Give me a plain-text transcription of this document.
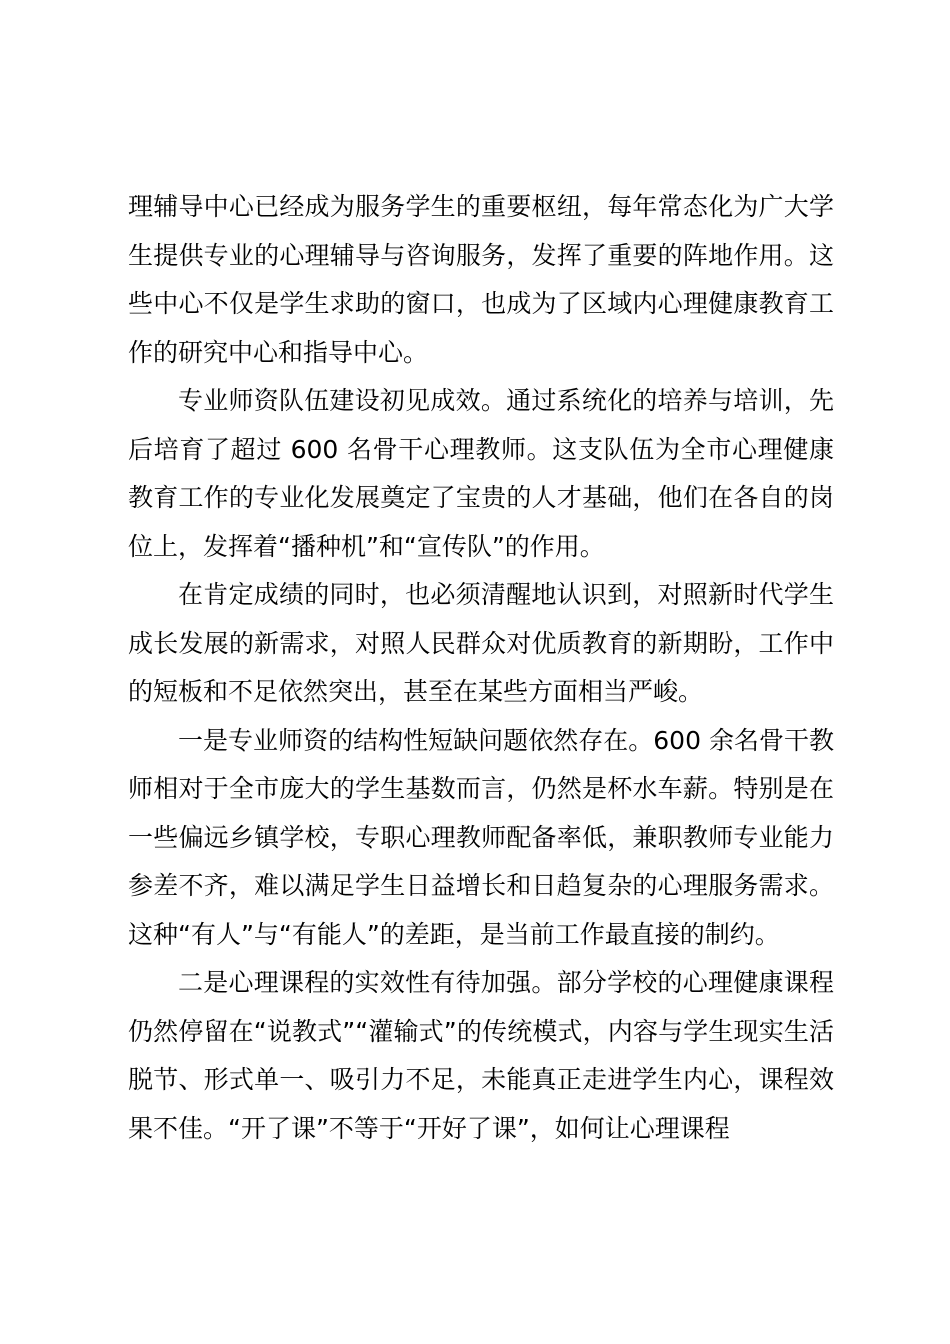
理辅导中心已经成为服务学生的重要枢纽，每年常态化为广大学生提供专业的心理辅导与咨询服务，发挥了重要的阵地作用。这些中心不仅是学生求助的窗口，也成为了区域内心理健康教育工作的研究中心和指导中心。

专业师资队伍建设初见成效。通过系统化的培养与培训，先后培育了超过 600 名骨干心理教师。这支队伍为全市心理健康教育工作的专业化发展奠定了宝贵的人才基础，他们在各自的岗位上，发挥着“播种机”和“宣传队”的作用。

在肯定成绩的同时，也必须清醒地认识到，对照新时代学生成长发展的新需求，对照人民群众对优质教育的新期盼，工作中的短板和不足依然突出，甚至在某些方面相当严峻。

一是专业师资的结构性短缺问题依然存在。600 余名骨干教师相对于全市庞大的学生基数而言，仍然是杯水车薪。特别是在一些偏远乡镇学校，专职心理教师配备率低，兼职教师专业能力参差不齐，难以满足学生日益增长和日趋复杂的心理服务需求。这种“有人”与“有能人”的差距，是当前工作最直接的制约。

二是心理课程的实效性有待加强。部分学校的心理健康课程仍然停留在“说教式”“灌输式”的传统模式，内容与学生现实生活脱节、形式单一、吸引力不足，未能真正走进学生内心，课程效果不佳。“开了课”不等于“开好了课”，如何让心理课程
